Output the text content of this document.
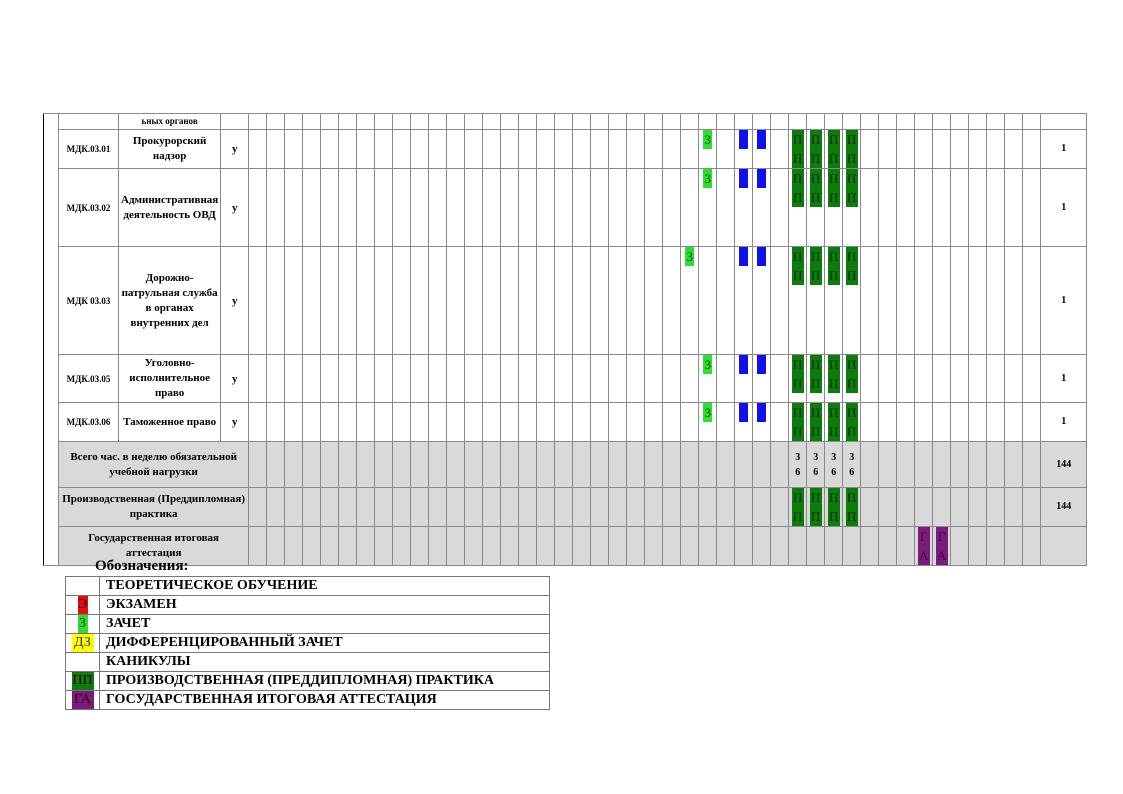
		ьных органов																																														
	МДК.03.01	Прокурорский надзор	у																										З					П П	П П	П П	П П											1
	МДК.03.02	Административная деятельность ОВД	у																										З					П П	П П	П П	П П											1
	МДК 03.03	Дорожно-патрульная служба в органах внутренних дел	у																									З						П П	П П	П П	П П											1
	МДК.03.05	Уголовно-исполнительное право	у																										З					П П	П П	П П	П П											1
	МДК.03.06	Таможенное право	у																										З					П П	П П	П П	П П											1
	Всего час. в неделю обязательной учебной нагрузки																																	36	36	36	36											144
	Производственная (Преддипломная) практика																																	П П	П П	П П	П П											144
	Государственная итоговая аттестация																																								Г А	Г А						

Обозначения:
	ТЕОРЕТИЧЕСКОЕ ОБУЧЕНИЕ
Э	ЭКЗАМЕН
З	ЗАЧЕТ
ДЗ	ДИФФЕРЕНЦИРОВАННЫЙ ЗАЧЕТ
	КАНИКУЛЫ
ПП	ПРОИЗВОДСТВЕННАЯ (ПРЕДДИПЛОМНАЯ) ПРАКТИКА
ГА	ГОСУДАРСТВЕННАЯ ИТОГОВАЯ АТТЕСТАЦИЯ
